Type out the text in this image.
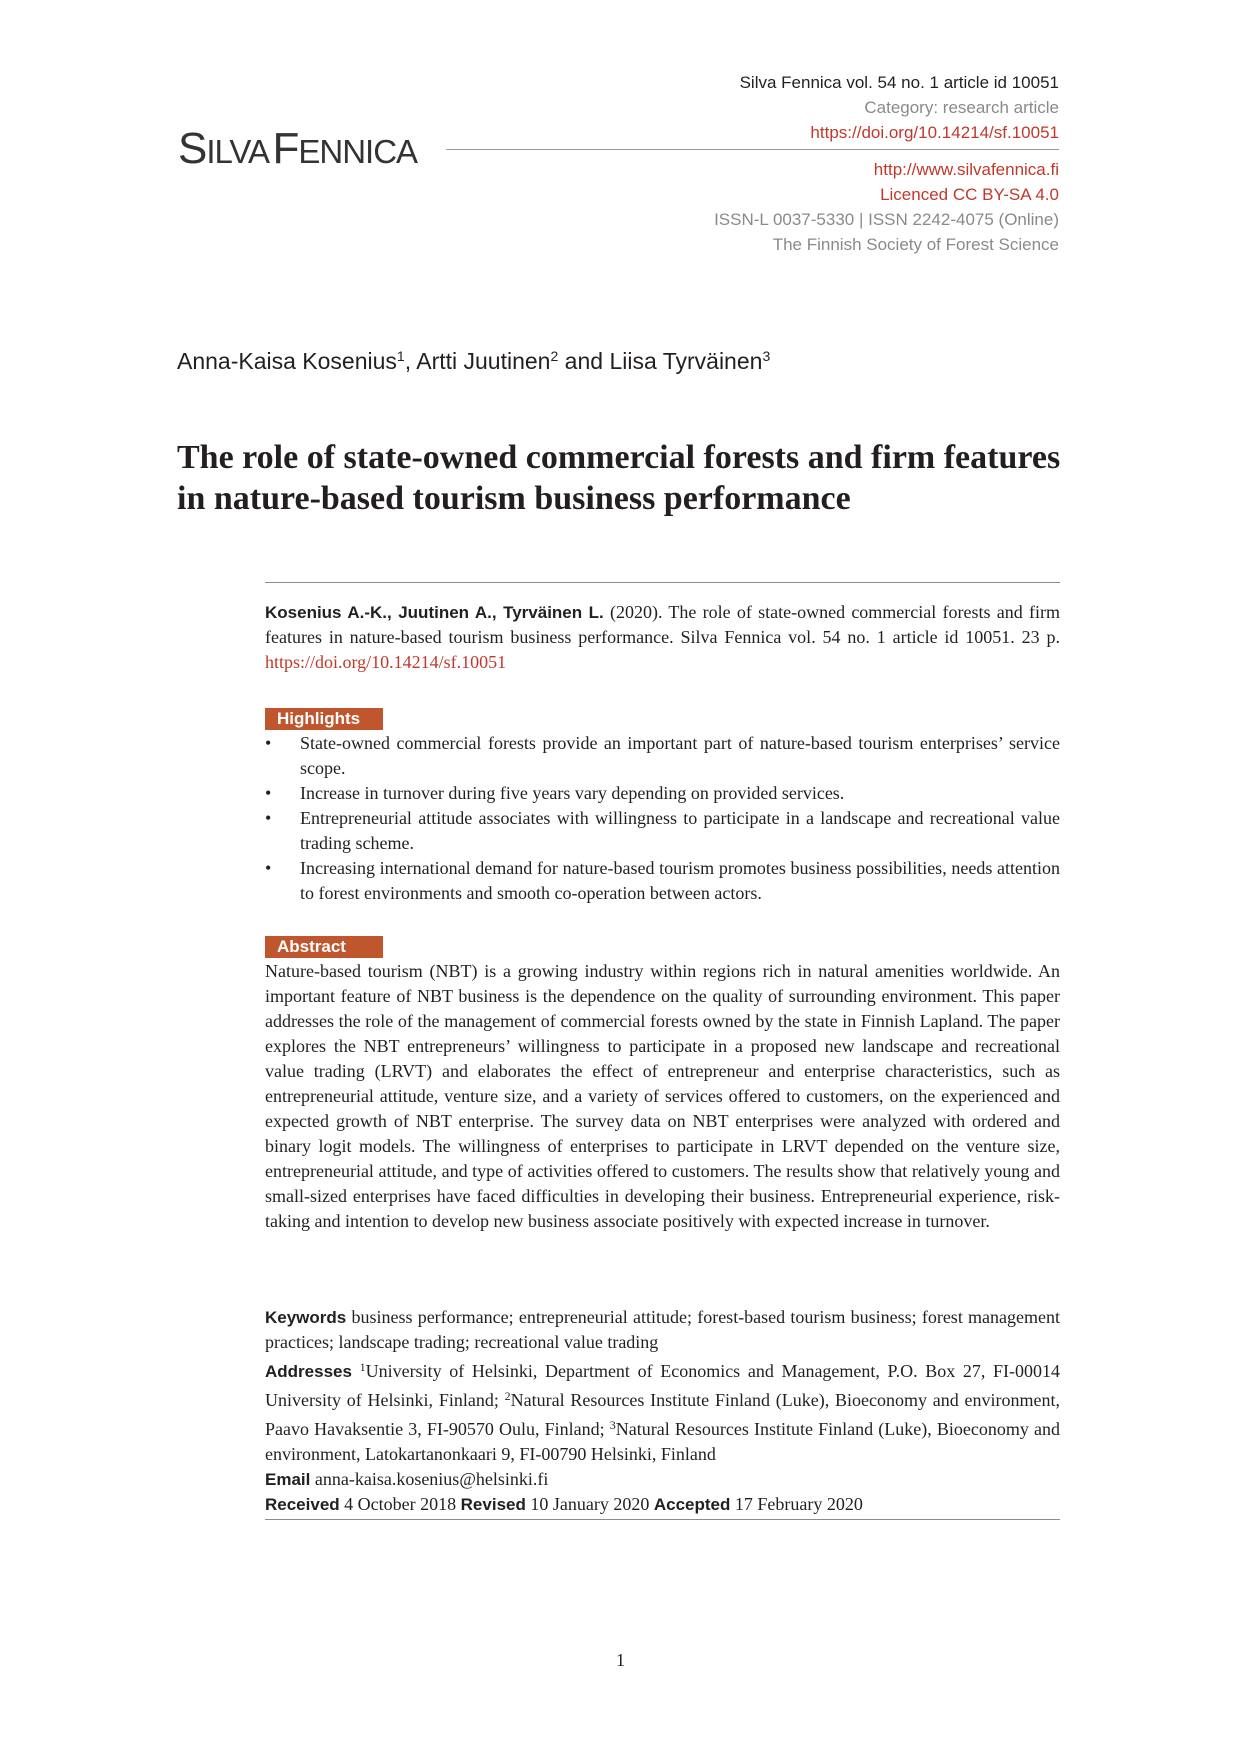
SILVA FENNICA
Silva Fennica vol. 54 no. 1 article id 10051
Category: research article
https://doi.org/10.14214/sf.10051
http://www.silvafennica.fi
Licenced CC BY-SA 4.0
ISSN-L 0037-5330 | ISSN 2242-4075 (Online)
The Finnish Society of Forest Science
Anna-Kaisa Kosenius$^1$, Artti Juutinen$^2$ and Liisa Tyrväinen$^3$
The role of state-owned commercial forests and firm features in nature-based tourism business performance
Kosenius A.-K., Juutinen A., Tyrväinen L. (2020). The role of state-owned commercial forests and firm features in nature-based tourism business performance. Silva Fennica vol. 54 no. 1 article id 10051. 23 p. https://doi.org/10.14214/sf.10051
Highlights
• State-owned commercial forests provide an important part of nature-based tourism enterprises’ service scope.
• Increase in turnover during five years vary depending on provided services.
• Entrepreneurial attitude associates with willingness to participate in a landscape and recreational value trading scheme.
• Increasing international demand for nature-based tourism promotes business possibilities, needs attention to forest environments and smooth co-operation between actors.
Abstract

Nature-based tourism (NBT) is a growing industry within regions rich in natural amenities worldwide. An important feature of NBT business is the dependence on the quality of surrounding environment. This paper addresses the role of the management of commercial forests owned by the state in Finnish Lapland. The paper explores the NBT entrepreneurs’ willingness to participate in a proposed new landscape and recreational value trading (LRVT) and elaborates the effect of entrepreneur and enterprise characteristics, such as entrepreneurial attitude, venture size, and a variety of services offered to customers, on the experienced and expected growth of NBT enterprise. The survey data on NBT enterprises were analyzed with ordered and binary logit models. The willingness of enterprises to participate in LRVT depended on the venture size, entrepreneurial attitude, and type of activities offered to customers. The results show that relatively young and small-sized enterprises have faced difficulties in developing their business. Entrepreneurial experience, risk-taking and intention to develop new business associate positively with expected increase in turnover.

Keywords business performance; entrepreneurial attitude; forest-based tourism business; forest management practices; landscape trading; recreational value trading

Addresses $^1$University of Helsinki, Department of Economics and Management, P.O. Box 27, FI-00014 University of Helsinki, Finland; $^2$Natural Resources Institute Finland (Luke), Bioeconomy and environment, Paavo Havaksentie 3, FI-90570 Oulu, Finland; $^3$Natural Resources Institute Finland (Luke), Bioeconomy and environment, Latokartanonkaari 9, FI-00790 Helsinki, Finland

Email anna-kaisa.kosenius@helsinki.fi

Received 4 October 2018 Revised 10 January 2020 Accepted 17 February 2020

1
